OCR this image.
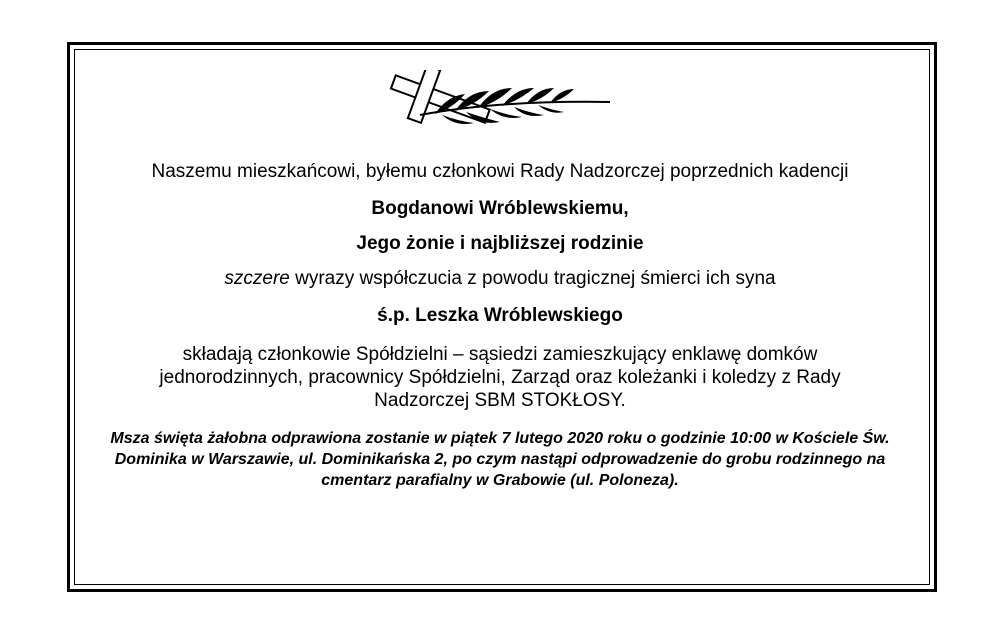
Naszemu mieszkańcowi, byłemu członkowi Rady Nadzorczej poprzednich kadencji

Bogdanowi Wróblewskiemu,

Jego żonie i najbliższej rodzinie

szczere wyrazy współczucia z powodu tragicznej śmierci ich syna

ś.p. Leszka Wróblewskiego

składają członkowie Spółdzielni – sąsiedzi zamieszkujący enklawę domków jednorodzinnych, pracownicy Spółdzielni, Zarząd oraz koleżanki i koledzy z Rady Nadzorczej SBM STOKŁOSY.

Msza święta żałobna odprawiona zostanie w piątek 7 lutego 2020 roku o godzinie 10:00 w Kościele Św. Dominika w Warszawie, ul. Dominikańska 2, po czym nastąpi odprowadzenie do grobu rodzinnego na cmentarz parafialny w Grabowie (ul. Poloneza).
